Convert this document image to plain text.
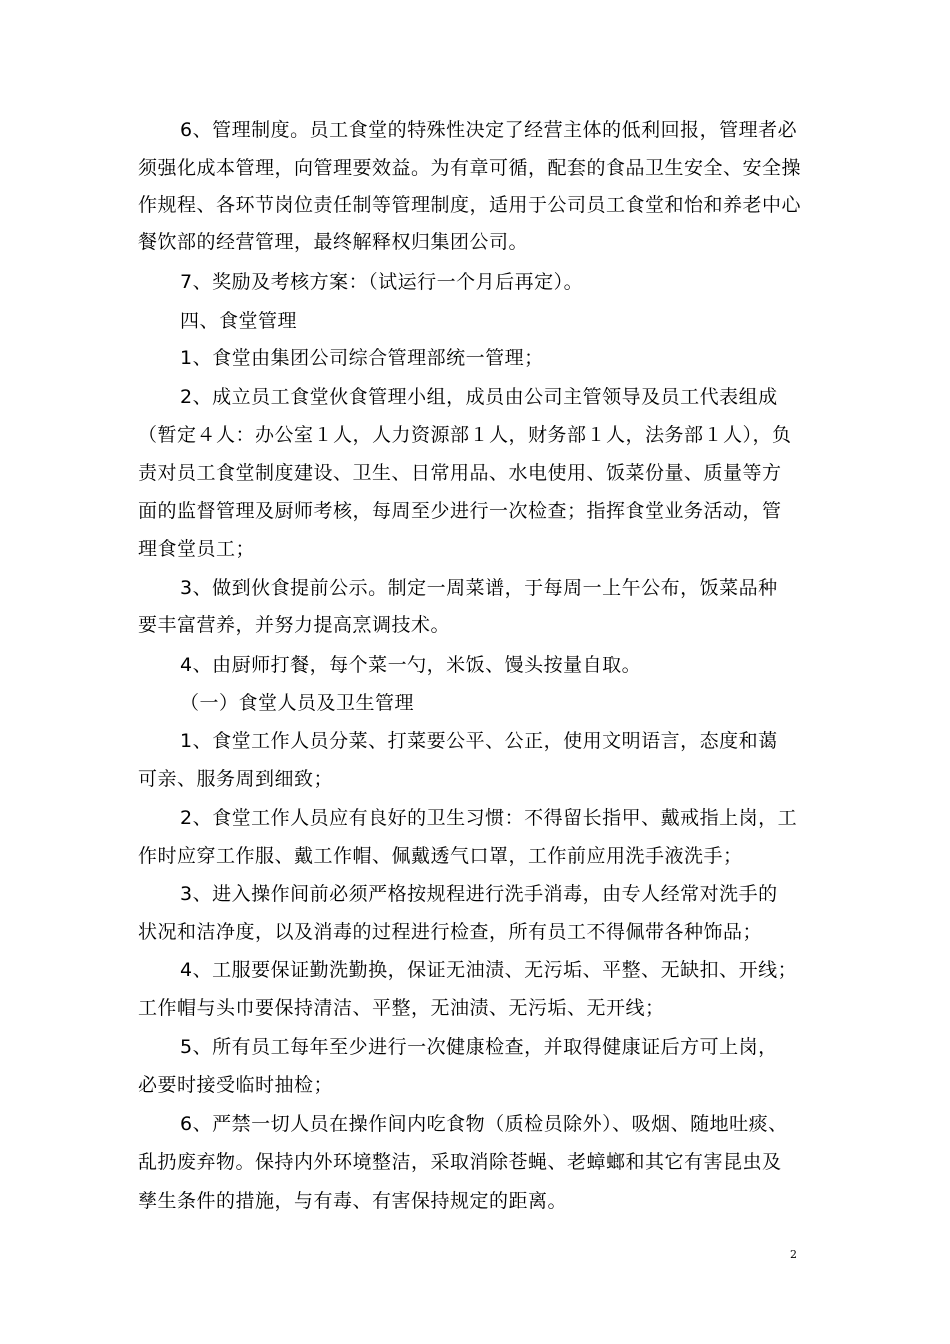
6、管理制度。员工食堂的特殊性决定了经营主体的低利回报，管理者必
须强化成本管理，向管理要效益。为有章可循，配套的食品卫生安全、安全操
作规程、各环节岗位责任制等管理制度，适用于公司员工食堂和怡和养老中心
餐饮部的经营管理，最终解释权归集团公司。
7、奖励及考核方案：（试运行一个月后再定）。
四、食堂管理
1、食堂由集团公司综合管理部统一管理；
2、成立员工食堂伙食管理小组，成员由公司主管领导及员工代表组成
（暂定４人：办公室１人，人力资源部１人，财务部１人，法务部１人），负
责对员工食堂制度建设、卫生、日常用品、水电使用、饭菜份量、质量等方
面的监督管理及厨师考核，每周至少进行一次检查；指挥食堂业务活动，管
理食堂员工；
3、做到伙食提前公示。制定一周菜谱，于每周一上午公布，饭菜品种
要丰富营养，并努力提高烹调技术。
4、由厨师打餐，每个菜一勺，米饭、馒头按量自取。
（一）食堂人员及卫生管理
1、食堂工作人员分菜、打菜要公平、公正，使用文明语言，态度和蔼
可亲、服务周到细致；
2、食堂工作人员应有良好的卫生习惯：不得留长指甲、戴戒指上岗，工
作时应穿工作服、戴工作帽、佩戴透气口罩，工作前应用洗手液洗手；
3、进入操作间前必须严格按规程进行洗手消毒，由专人经常对洗手的
状况和洁净度，以及消毒的过程进行检查，所有员工不得佩带各种饰品；
4、工服要保证勤洗勤换，保证无油渍、无污垢、平整、无缺扣、开线；
工作帽与头巾要保持清洁、平整，无油渍、无污垢、无开线；
5、所有员工每年至少进行一次健康检查，并取得健康证后方可上岗，
必要时接受临时抽检；
6、严禁一切人员在操作间内吃食物（质检员除外）、吸烟、随地吐痰、
乱扔废弃物。保持内外环境整洁，采取消除苍蝇、老蟑螂和其它有害昆虫及
孳生条件的措施，与有毒、有害保持规定的距离。
2
